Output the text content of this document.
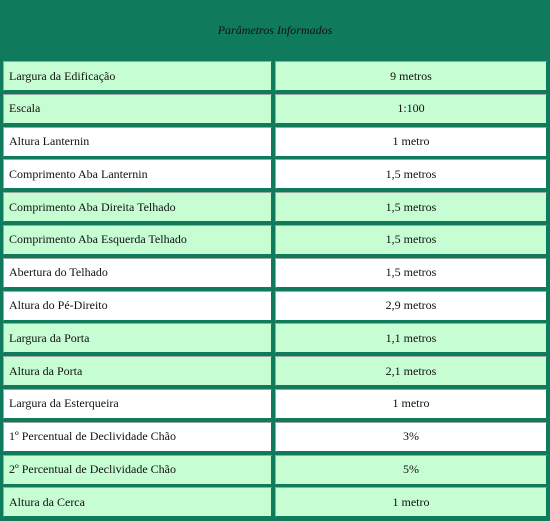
Parâmetros Informados
Largura da Edificação	9 metros
Escala	1:100
Altura Lanternin	1 metro
Comprimento Aba Lanternin	1,5 metros
Comprimento Aba Direita Telhado	1,5 metros
Comprimento Aba Esquerda Telhado	1,5 metros
Abertura do Telhado	1,5 metros
Altura do Pé-Direito	2,9 metros
Largura da Porta	1,1 metros
Altura da Porta	2,1 metros
Largura da Esterqueira	1 metro
1º Percentual de Declividade Chão	3%
2º Percentual de Declividade Chão	5%
Altura da Cerca	1 metro
